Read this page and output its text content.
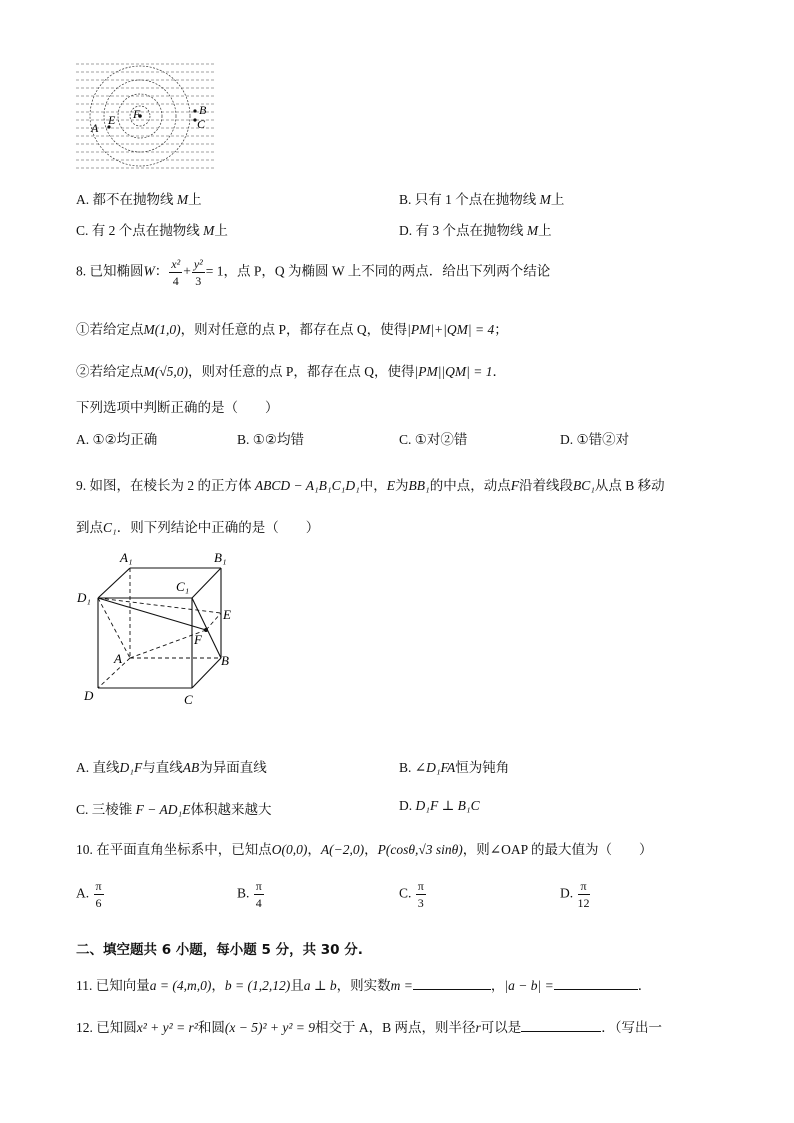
A
E F	B
C
A. 都不在抛物线 M上	B. 只有 1 个点在抛物线 M上
C. 有 2 个点在抛物线 M上	D. 有 3 个点在抛物线 M上
8. 已知椭圆W： $\frac{\text{x²}}{4} + \frac{\text{y²}}{3} = 1$，点 P，Q 为椭圆 W 上不同的两点．给出下列两个结论
①若给定点M(1,0)，则对任意的点 P，都存在点 Q，使得|PM|+|QM| = 4；
②若给定点M(√5,0)，则对任意的点 P，都存在点 Q，使得|PM||QM| = 1．
下列选项中判断正确的是（　　）
A. ①②均正确	B. ①②均错	C. ①对②错	D. ①错②对
9. 如图，在棱长为 2 的正方体 ABCD − A₁B₁C₁D₁中，E为BB₁的中点，动点F沿着线段BC₁从点 B 移动
到点C₁．则下列结论中正确的是（　　）
A₁	B₁
C₁
D₁
E
F
A	B
D	C
A. 直线D₁F与直线AB为异面直线	B. ∠D₁FA恒为钝角
C. 三棱锥 F − AD₁E体积越来越大	D. D₁F ⊥ B₁C
10. 在平面直角坐标系中，已知点O(0,0)，A(−2,0)，P(cosθ,√3 sinθ)，则∠OAP 的最大值为（　　）
A. $\frac{\pi}{6}$	B. $\frac{\pi}{4}$	C. $\frac{\pi}{3}$	D. $\frac{\pi}{12}$
二、填空题共 6 小题，每小题 5 分，共 30 分.
11. 已知向量a = (4,m,0)，b = (1,2,12)且a ⊥ b，则实数m =	，|a − b| =	．
12. 已知圆x² + y² = r²和圆(x − 5)² + y² = 9相交于 A，B 两点，则半径r可以是	．（写出一
